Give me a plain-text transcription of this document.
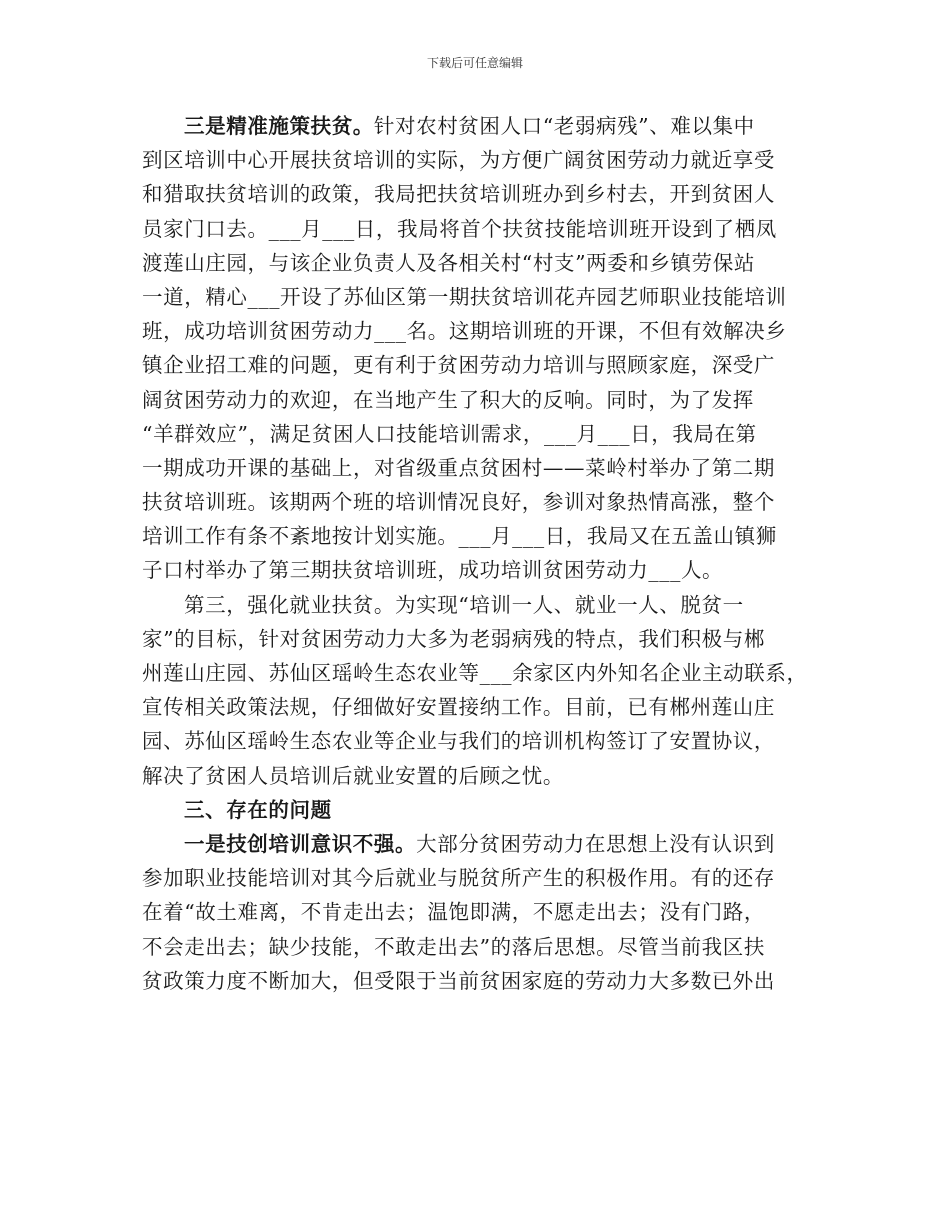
下载后可任意编辑
三是精准施策扶贫。针对农村贫困人口“老弱病残”、难以集中
到区培训中心开展扶贫培训的实际，为方便广阔贫困劳动力就近享受
和猎取扶贫培训的政策，我局把扶贫培训班办到乡村去，开到贫困人
员家门口去。___月___日，我局将首个扶贫技能培训班开设到了栖凤
渡莲山庄园，与该企业负责人及各相关村“村支”两委和乡镇劳保站
一道，精心___开设了苏仙区第一期扶贫培训花卉园艺师职业技能培训
班，成功培训贫困劳动力___名。这期培训班的开课，不但有效解决乡
镇企业招工难的问题，更有利于贫困劳动力培训与照顾家庭，深受广
阔贫困劳动力的欢迎，在当地产生了积大的反响。同时，为了发挥
“羊群效应”，满足贫困人口技能培训需求，___月___日，我局在第
一期成功开课的基础上，对省级重点贫困村——菜岭村举办了第二期
扶贫培训班。该期两个班的培训情况良好，参训对象热情高涨，整个
培训工作有条不紊地按计划实施。___月___日，我局又在五盖山镇狮
子口村举办了第三期扶贫培训班，成功培训贫困劳动力___人。
第三，强化就业扶贫。为实现“培训一人、就业一人、脱贫一
家”的目标，针对贫困劳动力大多为老弱病残的特点，我们积极与郴
州莲山庄园、苏仙区瑶岭生态农业等___余家区内外知名企业主动联系，
宣传相关政策法规，仔细做好安置接纳工作。目前，已有郴州莲山庄
园、苏仙区瑶岭生态农业等企业与我们的培训机构签订了安置协议，
解决了贫困人员培训后就业安置的后顾之忧。
三、存在的问题
一是技创培训意识不强。大部分贫困劳动力在思想上没有认识到
参加职业技能培训对其今后就业与脱贫所产生的积极作用。有的还存
在着“故土难离，不肯走出去；温饱即满，不愿走出去；没有门路，
不会走出去；缺少技能，不敢走出去”的落后思想。尽管当前我区扶
贫政策力度不断加大，但受限于当前贫困家庭的劳动力大多数已外出
